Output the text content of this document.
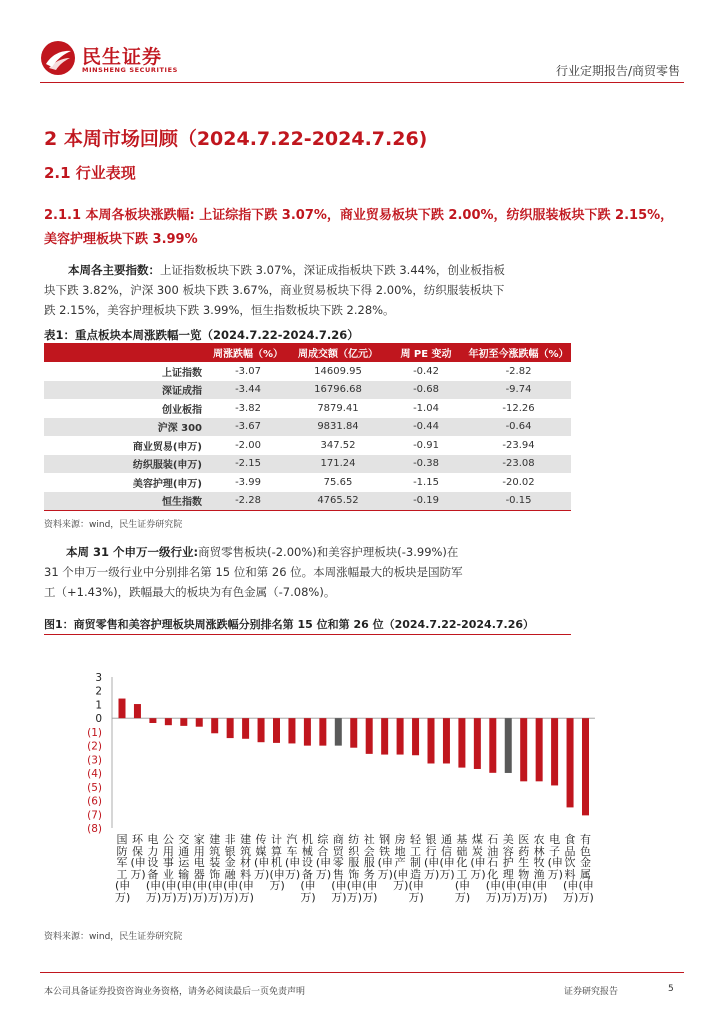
民生证券
MINSHENG SECURITIES	行业定期报告/商贸零售
2 本周市场回顾（2024.7.22-2024.7.26)
2.1 行业表现
2.1.1 本周各板块涨跌幅: 上证综指下跌 3.07%，商业贸易板块下跌 2.00%，纺织服装板块下跌 2.15%，美容护理板块下跌 3.99%
本周各主要指数：上证指数板块下跌 3.07%，深证成指板块下跌 3.44%，创业板指板块下跌 3.82%，沪深 300 板块下跌 3.67%，商业贸易板块下得 2.00%，纺织服装板块下跌 2.15%，美容护理板块下跌 3.99%，恒生指数板块下跌 2.28%。
表1：重点板块本周涨跌幅一览（2024.7.22-2024.7.26）
	周涨跌幅（%）	周成交额（亿元）	周 PE 变动	年初至今涨跌幅（%）
上证指数	-3.07	14609.95	-0.42	-2.82
深证成指	-3.44	16796.68	-0.68	-9.74
创业板指	-3.82	7879.41	-1.04	-12.26
沪深 300	-3.67	9831.84	-0.44	-0.64
商业贸易(申万)	-2.00	347.52	-0.91	-23.94
纺织服装(申万)	-2.15	171.24	-0.38	-23.08
美容护理(申万)	-3.99	75.65	-1.15	-20.02
恒生指数	-2.28	4765.52	-0.19	-0.15
资料来源：wind，民生证券研究院
本周 31 个申万一级行业:商贸零售板块(-2.00%)和美容护理板块(-3.99%)在 31 个申万一级行业中分别排名第 15 位和第 26 位。本周涨幅最大的板块是国防军工（+1.43%)，跌幅最大的板块为有色金属（-7.08%)。
图1：商贸零售和美容护理板块周涨跌幅分别排名第 15 位和第 26 位（2024.7.22-2024.7.26）
3
2
1
0
(1)
(2)
(3)
(4)
(5)
(6)
(7)
(8)
国防军工(申万)
环保(申万)
电力设备(申万)
公用事业(申万)
交通运输(申万)
家用电器(申万)
建筑装饰(申万)
非银金融(申万)
建筑材料(申万)
传媒(申万)
计算机(申万)
汽车(申万)
机械设备(申万)
综合(申万)
商贸零售(申万)
纺织服饰(申万)
社会服务(申万)
钢铁(申万)
房地产(申万)
轻工制造(申万)
银行(申万)
通信(申万)
基础化工(申万)
煤炭(申万)
石油石化(申万)
美容护理(申万)
医药生物(申万)
农林牧渔(申万)
电子(申万)
食品饮料(申万)
有色金属(申万)
资料来源：wind，民生证券研究院
本公司具备证券投资咨询业务资格，请务必阅读最后一页免责声明	证券研究报告	5
